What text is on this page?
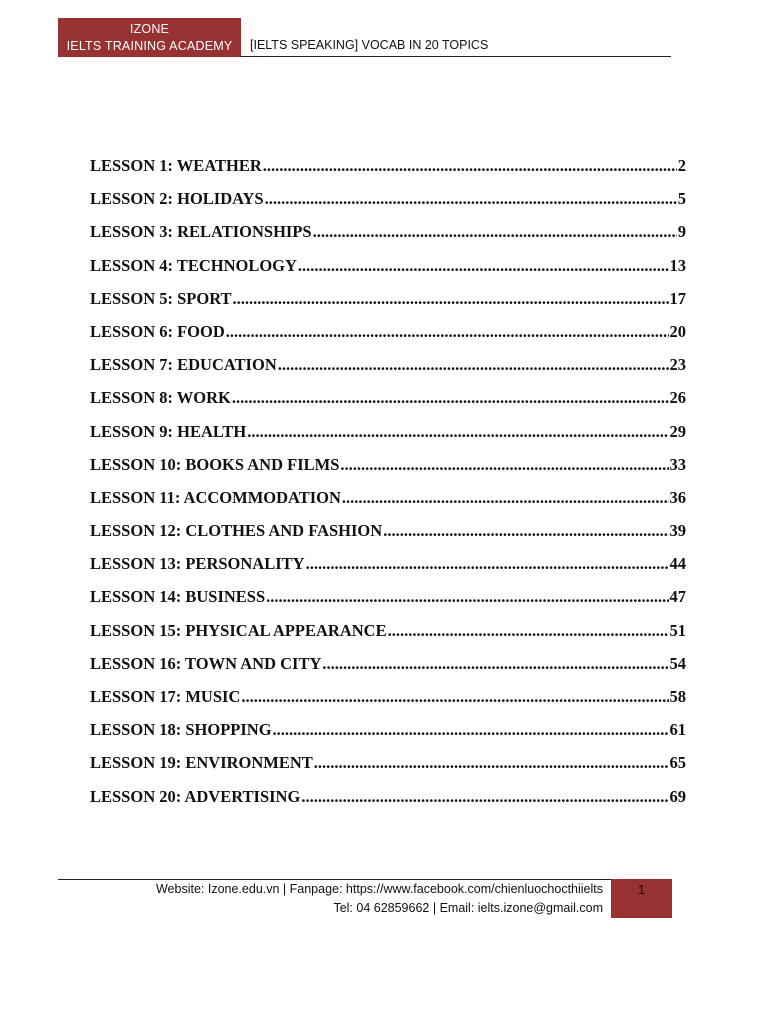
IZONE
IELTS TRAINING ACADEMY	[IELTS SPEAKING] VOCAB IN 20 TOPICS
LESSON 1: WEATHER .....	2
LESSON 2: HOLIDAYS .....	5
LESSON 3: RELATIONSHIPS .....	9
LESSON 4: TECHNOLOGY .....	13
LESSON 5: SPORT .....	17
LESSON 6: FOOD .....	20
LESSON 7: EDUCATION .....	23
LESSON 8: WORK .....	26
LESSON 9: HEALTH .....	29
LESSON 10: BOOKS AND FILMS .....	33
LESSON 11: ACCOMMODATION .....	36
LESSON 12: CLOTHES AND FASHION .....	39
LESSON 13: PERSONALITY .....	44
LESSON 14: BUSINESS .....	47
LESSON 15: PHYSICAL APPEARANCE .....	51
LESSON 16: TOWN AND CITY .....	54
LESSON 17: MUSIC .....	58
LESSON 18: SHOPPING .....	61
LESSON 19: ENVIRONMENT .....	65
LESSON 20: ADVERTISING .....	69
Website: Izone.edu.vn | Fanpage: https://www.facebook.com/chienluochocthiielts
Tel: 04 62859662 | Email: ielts.izone@gmail.com
1
